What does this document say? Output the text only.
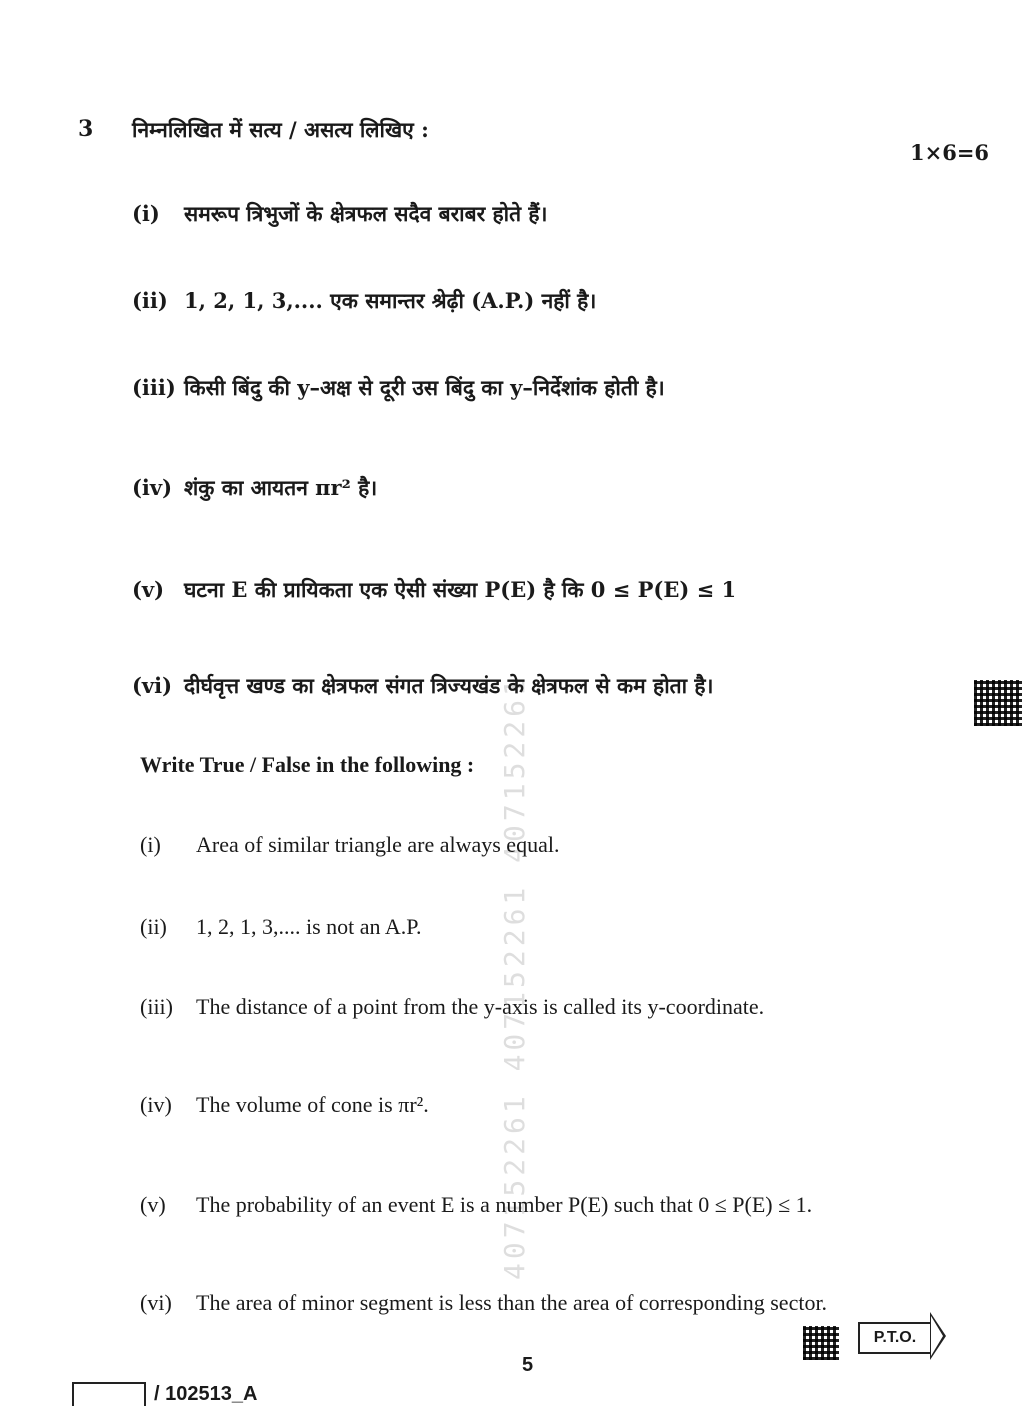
3 निम्नलिखित में सत्य / असत्य लिखिए :
1×6=6
407152261 407152261 407152261
(i) समरूप त्रिभुजों के क्षेत्रफल सदैव बराबर होते हैं।
(ii) 1, 2, 1, 3,.... एक समान्तर श्रेढ़ी (A.P.) नहीं है।
(iii) किसी बिंदु की y–अक्ष से दूरी उस बिंदु का y–निर्देशांक होती है।
(iv) शंकु का आयतन πr² है।
(v) घटना E की प्रायिकता एक ऐसी संख्या P(E) है कि 0 ≤ P(E) ≤ 1
(vi) दीर्घवृत्त खण्ड का क्षेत्रफल संगत त्रिज्यखंड के क्षेत्रफल से कम होता है।
Write True / False in the following :
(i) Area of similar triangle are always equal.
(ii) 1, 2, 1, 3,.... is not an A.P.
(iii) The distance of a point from the y-axis is called its y-coordinate.
(iv) The volume of cone is πr².
(v) The probability of an event E is a number P(E) such that 0 ≤ P(E) ≤ 1.
(vi) The area of minor segment is less than the area of corresponding sector.
P.T.O.
5
/ 102513_A
